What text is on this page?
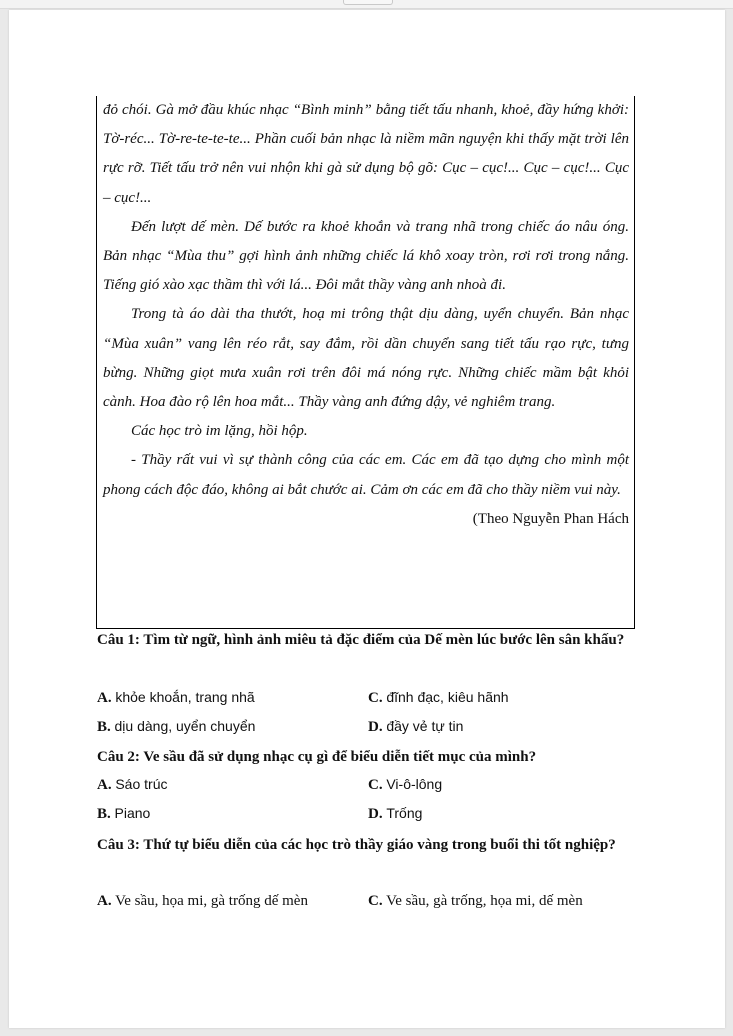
đỏ chói. Gà mở đầu khúc nhạc “Bình minh” bằng tiết tấu nhanh, khoẻ, đầy hứng khởi: Tờ-réc... Tờ-re-te-te-te... Phần cuối bản nhạc là niềm mãn nguyện khi thấy mặt trời lên rực rỡ. Tiết tấu trở nên vui nhộn khi gà sử dụng bộ gõ: Cục – cục!... Cục – cục!... Cục – cục!...

Đến lượt dế mèn. Dế bước ra khoẻ khoắn và trang nhã trong chiếc áo nâu óng. Bản nhạc “Mùa thu” gợi hình ảnh những chiếc lá khô xoay tròn, rơi rơi trong nắng. Tiếng gió xào xạc thầm thì với lá... Đôi mắt thầy vàng anh nhoà đi.

Trong tà áo dài tha thướt, hoạ mi trông thật dịu dàng, uyển chuyển. Bản nhạc “Mùa xuân” vang lên réo rắt, say đắm, rồi dần chuyển sang tiết tấu rạo rực, tưng bừng. Những giọt mưa xuân rơi trên đôi má nóng rực. Những chiếc mầm bật khỏi cành. Hoa đào rộ lên hoa mắt... Thầy vàng anh đứng dậy, vẻ nghiêm trang.

Các học trò im lặng, hồi hộp.

- Thầy rất vui vì sự thành công của các em. Các em đã tạo dựng cho mình một phong cách độc đáo, không ai bắt chước ai. Cảm ơn các em đã cho thầy niềm vui này.

(Theo Nguyễn Phan Hách

Câu 1: Tìm từ ngữ, hình ảnh miêu tả đặc điểm của Dế mèn lúc bước lên sân khấu?
A. khỏe khoắn, trang nhã	C. đĩnh đạc, kiêu hãnh
B. dịu dàng, uyển chuyển	D. đầy vẻ tự tin
Câu 2: Ve sầu đã sử dụng nhạc cụ gì để biểu diễn tiết mục của mình?
A. Sáo trúc	C. Vi-ô-lông
B. Piano	D. Trống
Câu 3: Thứ tự biểu diễn của các học trò thầy giáo vàng trong buổi thi tốt nghiệp?
A. Ve sầu, họa mi, gà trống dế mèn	C. Ve sầu, gà trống, họa mi, dế mèn
